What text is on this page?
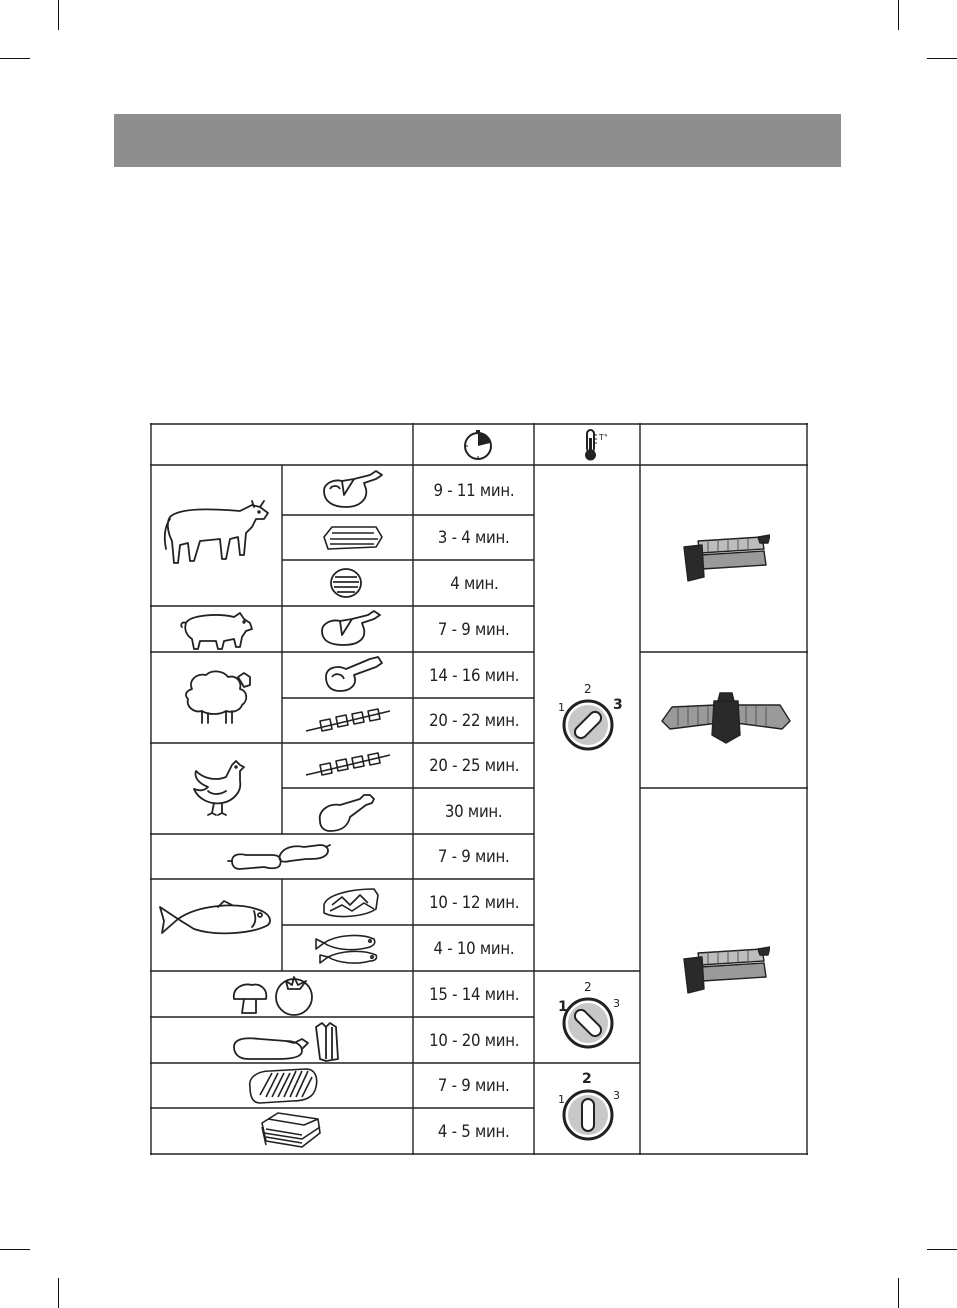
T°
9 - 11 мин.
3 - 4 мин.
4 мин.
7 - 9 мин.
14 - 16 мин.
20 - 22 мин.
20 - 25 мин.
30 мин.
7 - 9 мин.
10 - 12 мин.
4 - 10 мин.
15 - 14 мин.
10 - 20 мин.
7 - 9 мин.
4 - 5 мин.
1
2
3
1
2
3
1
2
3
